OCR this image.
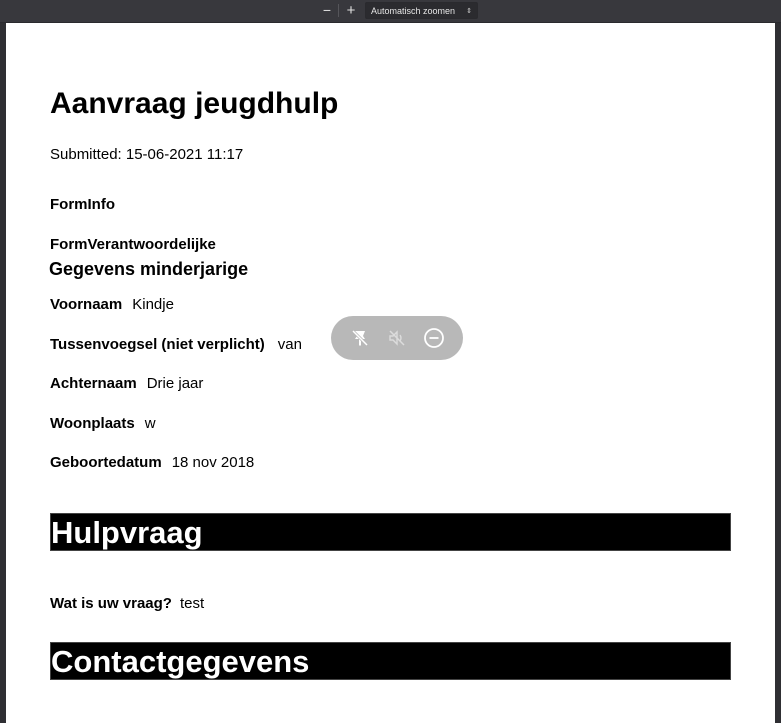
−	+	Automatisch zoomen ⇕
Aanvraag jeugdhulp
Submitted: 15-06-2021 11:17
FormInfo
FormVerantwoordelijke
Gegevens minderjarige
Voornaam Kindje
Tussenvoegsel (niet verplicht) van
Achternaam Drie jaar
Woonplaats w
Geboortedatum 18 nov 2018
Hulpvraag
Wat is uw vraag? test
Contactgegevens
